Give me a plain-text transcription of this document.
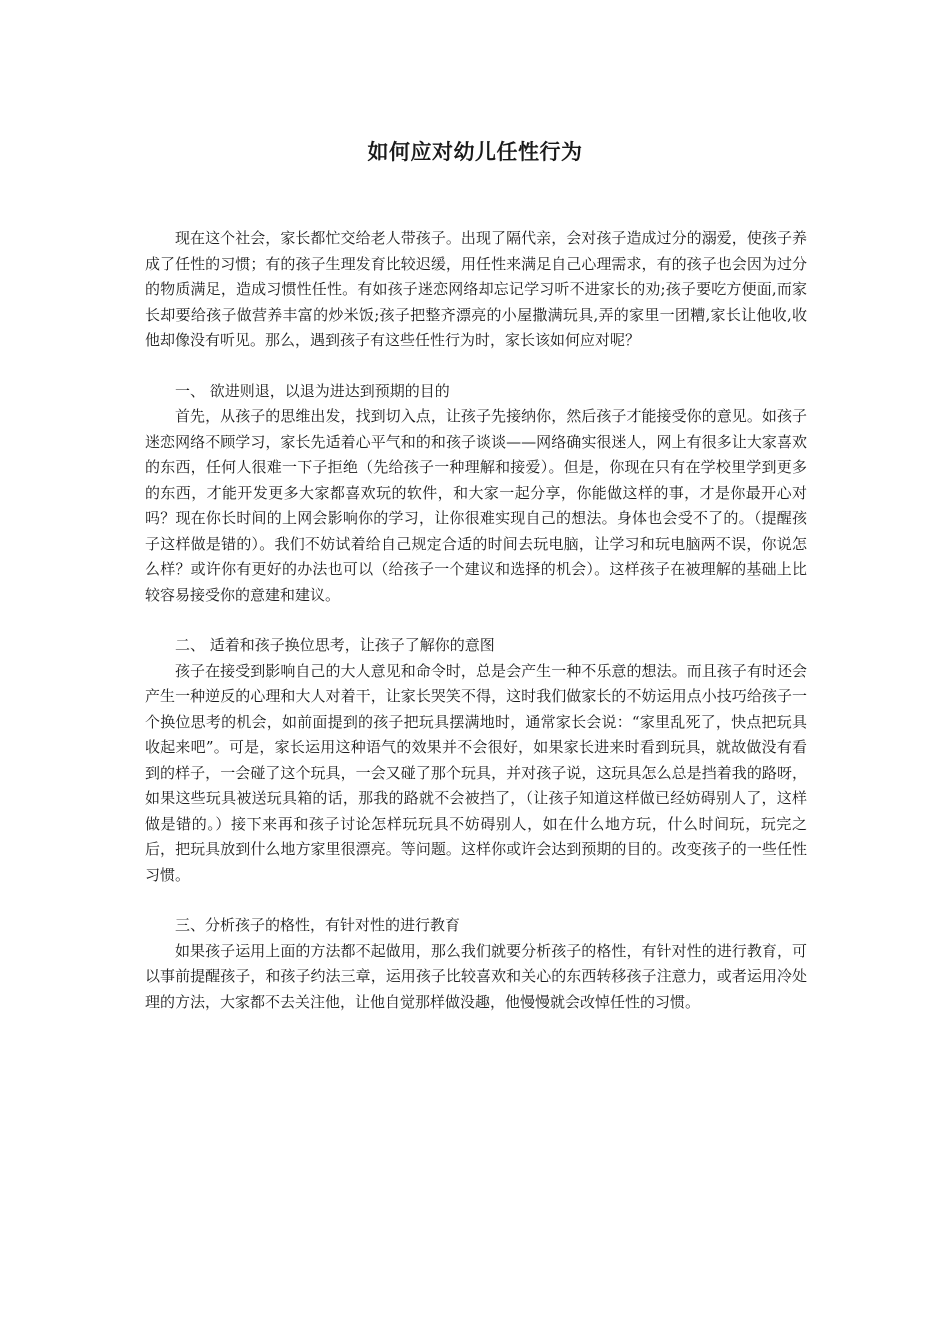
如何应对幼儿任性行为

现在这个社会，家长都忙交给老人带孩子。出现了隔代亲，会对孩子造成过分的溺爱，使孩子养成了任性的习惯；有的孩子生理发育比较迟缓，用任性来满足自己心理需求，有的孩子也会因为过分的物质满足，造成习惯性任性。有如孩子迷恋网络却忘记学习听不进家长的劝;孩子要吃方便面,而家长却要给孩子做营养丰富的炒米饭;孩子把整齐漂亮的小屋撒满玩具,弄的家里一团糟,家长让他收,收他却像没有听见。那么，遇到孩子有这些任性行为时，家长该如何应对呢？

一、 欲进则退，以退为进达到预期的目的

首先，从孩子的思维出发，找到切入点，让孩子先接纳你，然后孩子才能接受你的意见。如孩子迷恋网络不顾学习，家长先适着心平气和的和孩子谈谈——网络确实很迷人，网上有很多让大家喜欢的东西，任何人很难一下子拒绝（先给孩子一种理解和接爱）。但是，你现在只有在学校里学到更多的东西，才能开发更多大家都喜欢玩的软件，和大家一起分享，你能做这样的事，才是你最开心对吗？现在你长时间的上网会影响你的学习，让你很难实现自己的想法。身体也会受不了的。（提醒孩子这样做是错的）。我们不妨试着给自己规定合适的时间去玩电脑，让学习和玩电脑两不误，你说怎么样？或许你有更好的办法也可以（给孩子一个建议和选择的机会）。这样孩子在被理解的基础上比较容易接受你的意建和建议。

二、 适着和孩子换位思考，让孩子了解你的意图

孩子在接受到影响自己的大人意见和命令时，总是会产生一种不乐意的想法。而且孩子有时还会产生一种逆反的心理和大人对着干，让家长哭笑不得，这时我们做家长的不妨运用点小技巧给孩子一个换位思考的机会，如前面提到的孩子把玩具摆满地时，通常家长会说：“家里乱死了，快点把玩具收起来吧”。可是，家长运用这种语气的效果并不会很好，如果家长进来时看到玩具，就故做没有看到的样子，一会碰了这个玩具，一会又碰了那个玩具，并对孩子说，这玩具怎么总是挡着我的路呀，如果这些玩具被送玩具箱的话，那我的路就不会被挡了，（让孩子知道这样做已经妨碍别人了，这样做是错的。）接下来再和孩子讨论怎样玩玩具不妨碍别人，如在什么地方玩，什么时间玩，玩完之后，把玩具放到什么地方家里很漂亮。等问题。这样你或许会达到预期的目的。改变孩子的一些任性习惯。

三、分析孩子的格性，有针对性的进行教育

如果孩子运用上面的方法都不起做用，那么我们就要分析孩子的格性，有针对性的进行教育，可以事前提醒孩子，和孩子约法三章，运用孩子比较喜欢和关心的东西转移孩子注意力，或者运用冷处理的方法，大家都不去关注他，让他自觉那样做没趣，他慢慢就会改悼任性的习惯。
